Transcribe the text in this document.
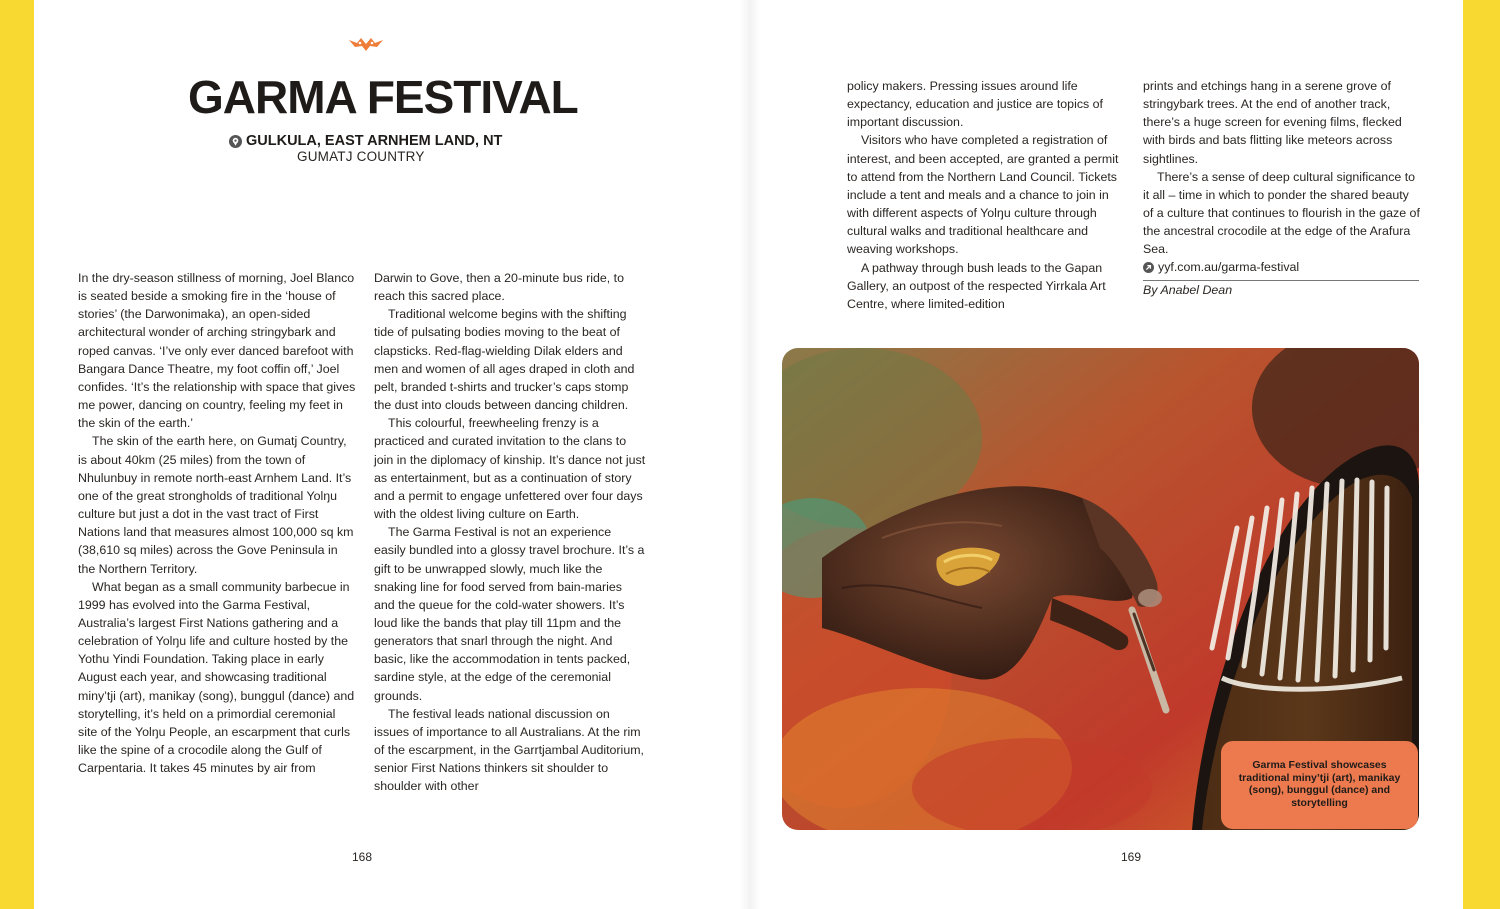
GARMA FESTIVAL
GULKULA, EAST ARNHEM LAND, NT
GUMATJ COUNTRY

In the dry-season stillness of morning, Joel Blanco is seated beside a smoking fire in the ‘house of stories’ (the Darwonimaka), an open-sided architectural wonder of arching stringybark and roped canvas. ‘I’ve only ever danced barefoot with Bangara Dance Theatre, my foot coffin off,’ Joel confides. ‘It’s the relationship with space that gives me power, dancing on country, feeling my feet in the skin of the earth.’

The skin of the earth here, on Gumatj Country, is about 40km (25 miles) from the town of Nhulunbuy in remote north-east Arnhem Land. It’s one of the great strongholds of traditional Yolŋu culture but just a dot in the vast tract of First Nations land that measures almost 100,000 sq km (38,610 sq miles) across the Gove Peninsula in the Northern Territory.

What began as a small community barbecue in 1999 has evolved into the Garma Festival, Australia’s largest First Nations gathering and a celebration of Yolŋu life and culture hosted by the Yothu Yindi Foundation. Taking place in early August each year, and showcasing traditional miny’tji (art), manikay (song), bunggul (dance) and storytelling, it’s held on a primordial ceremonial site of the Yolŋu People, an escarpment that curls like the spine of a crocodile along the Gulf of Carpentaria. It takes 45 minutes by air from

Darwin to Gove, then a 20-minute bus ride, to reach this sacred place.

Traditional welcome begins with the shifting tide of pulsating bodies moving to the beat of clapsticks. Red-flag-wielding Dilak elders and men and women of all ages draped in cloth and pelt, branded t-shirts and trucker’s caps stomp the dust into clouds between dancing children.

This colourful, freewheeling frenzy is a practiced and curated invitation to the clans to join in the diplomacy of kinship. It’s dance not just as entertainment, but as a continuation of story and a permit to engage unfettered over four days with the oldest living culture on Earth.

The Garma Festival is not an experience easily bundled into a glossy travel brochure. It’s a gift to be unwrapped slowly, much like the snaking line for food served from bain-maries and the queue for the cold-water showers. It’s loud like the bands that play till 11pm and the generators that snarl through the night. And basic, like the accommodation in tents packed, sardine style, at the edge of the ceremonial grounds.

The festival leads national discussion on issues of importance to all Australians. At the rim of the escarpment, in the Garrtjambal Auditorium, senior First Nations thinkers sit shoulder to shoulder with other

policy makers. Pressing issues around life expectancy, education and justice are topics of important discussion.

Visitors who have completed a registration of interest, and been accepted, are granted a permit to attend from the Northern Land Council. Tickets include a tent and meals and a chance to join in with different aspects of Yolŋu culture through cultural walks and traditional healthcare and weaving workshops.

A pathway through bush leads to the Gapan Gallery, an outpost of the respected Yirrkala Art Centre, where limited-edition

prints and etchings hang in a serene grove of stringybark trees. At the end of another track, there’s a huge screen for evening films, flecked with birds and bats flitting like meteors across sightlines.

There’s a sense of deep cultural significance to it all – time in which to ponder the shared beauty of a culture that continues to flourish in the gaze of the ancestral crocodile at the edge of the Arafura Sea.

yyf.com.au/garma-festival
By Anabel Dean
Garma Festival showcases traditional miny’tji (art), manikay (song), bunggul (dance) and storytelling
168	169
